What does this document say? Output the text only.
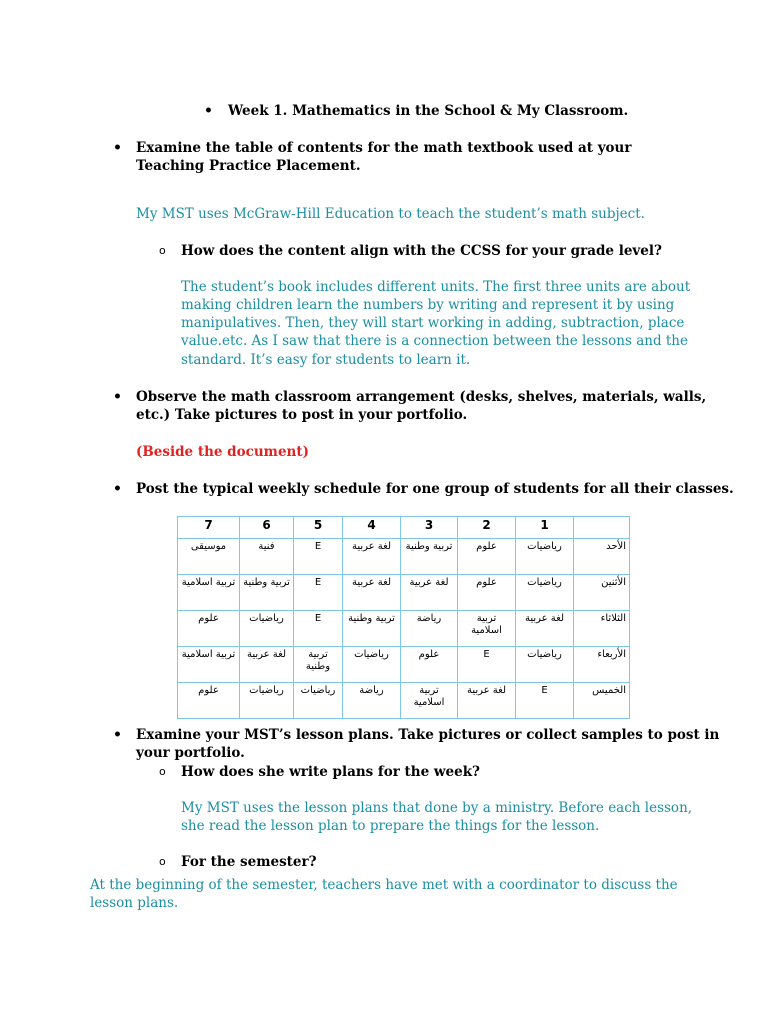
• Week 1. Mathematics in the School & My Classroom.

• Examine the table of contents for the math textbook used at your Teaching Practice Placement.

My MST uses McGraw-Hill Education to teach the student’s math subject.

o How does the content align with the CCSS for your grade level?

The student’s book includes different units. The first three units are about

making children learn the numbers by writing and represent it by using

manipulatives. Then, they will start working in adding, subtraction, place

value.etc. As I saw that there is a connection between the lessons and the

standard. It’s easy for students to learn it.

• Observe the math classroom arrangement (desks, shelves, materials, walls,

etc.) Take pictures to post in your portfolio.

(Beside the document)

• Post the typical weekly schedule for one group of students for all their classes.

7	6	5	4	3	2	1	
موسيقى	فنية	E	لغة عربية	تربية وطنية	علوم	رياضيات	الأحد
تربية اسلامية	تربية وطنية	E	لغة عربية	لغة عربية	علوم	رياضيات	الأثنين
علوم	رياضيات	E	تربية وطنية	رياضة	تربية اسلامية	لغة عربية	الثلاثاء
تربية اسلامية	لغة عربية	تربية وطنية	رياضيات	علوم	E	رياضيات	الأربعاء
علوم	رياضيات	رياضيات	رياضة	تربية اسلامية	لغة عربية	E	الخميس
• Examine your MST’s lesson plans. Take pictures or collect samples to post in

your portfolio.

o How does she write plans for the week?

My MST uses the lesson plans that done by a ministry. Before each lesson,

she read the lesson plan to prepare the things for the lesson.

o For the semester?

At the beginning of the semester, teachers have met with a coordinator to discuss the

lesson plans.
